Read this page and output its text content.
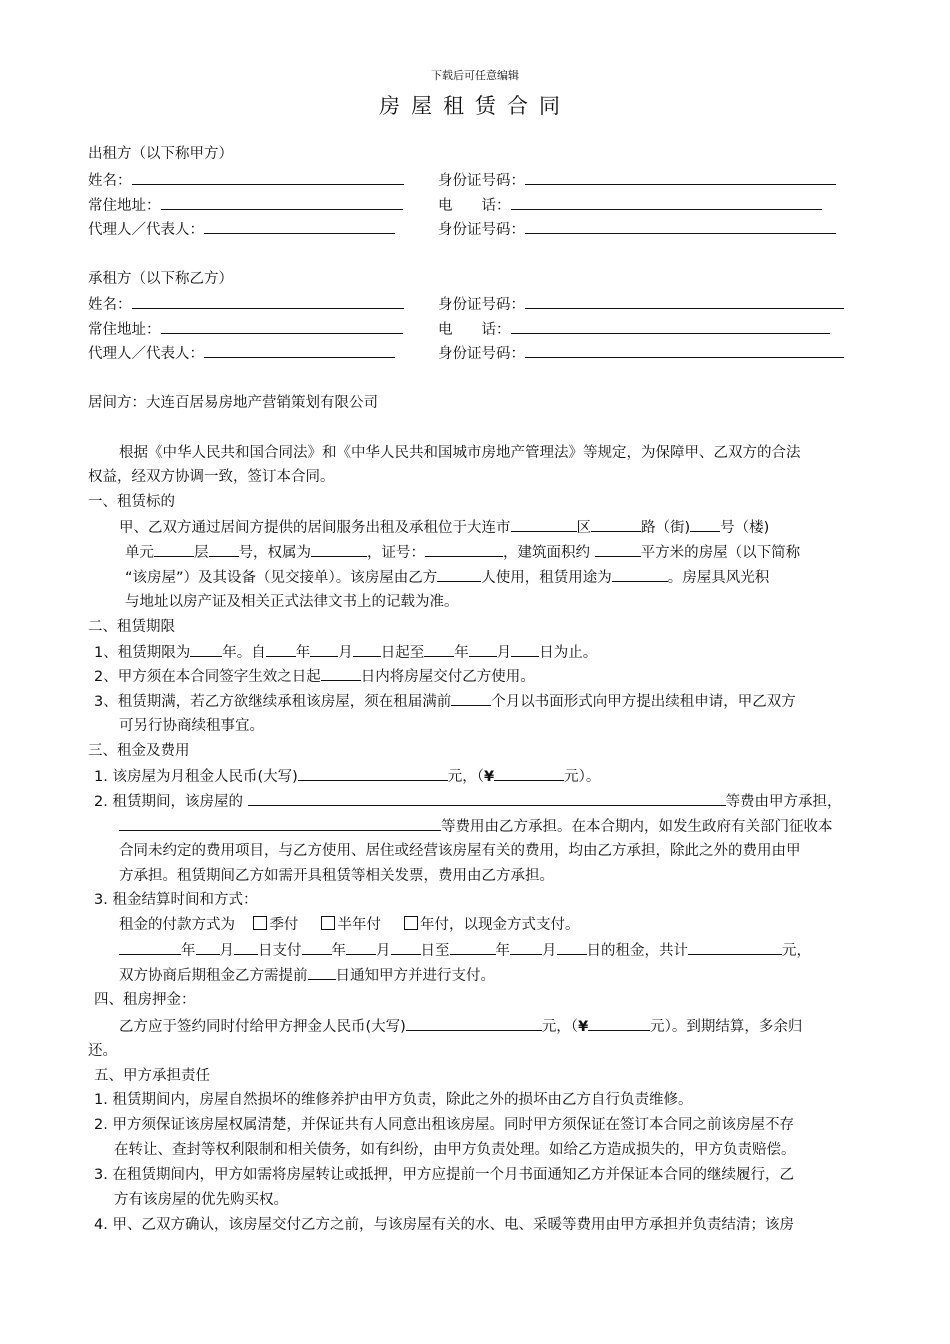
下载后可任意编辑
房屋租赁合同
出租方（以下称甲方）
姓名：	身份证号码：
常住地址：	电　　话：
代理人／代表人：	身份证号码：
承租方（以下称乙方）
姓名：	身份证号码：
常住地址：	电　　话：
代理人／代表人：	身份证号码：
居间方：大连百居易房地产营销策划有限公司
根据《中华人民共和国合同法》和《中华人民共和国城市房地产管理法》等规定，为保障甲、乙双方的合法
权益，经双方协调一致，签订本合同。
一、租赁标的
甲、乙双方通过居间方提供的居间服务出租及承租位于大连市	区	路（街) 号（楼)
单元	层 号，权属为	，证号：	，建筑面积约	平方米的房屋（以下简称
“该房屋”）及其设备（见交接单）。该房屋由乙方	人使用，租赁用途为	。房屋具风光积
与地址以房产证及相关正式法律文书上的记载为准。
二、租赁期限
1、租赁期限为 年。自 年 月 日起至 年 月 日为止。
2、甲方须在本合同签字生效之日起	日内将房屋交付乙方使用。
3、租赁期满，若乙方欲继续承租该房屋，须在租届满前	个月以书面形式向甲方提出续租申请，甲乙双方
可另行协商续租事宜。
三、租金及费用
1. 该房屋为月租金人民币(大写)	元，（¥	元）。
2. 租赁期间，该房屋的	等费由甲方承担，
等费用由乙方承担。在本合期内，如发生政府有关部门征收本
合同未约定的费用项目，与乙方使用、居住或经营该房屋有关的费用，均由乙方承担，除此之外的费用由甲
方承担。租赁期间乙方如需开具租赁等相关发票，费用由乙方承担。
3. 租金结算时间和方式：
租金的付款方式为 季付	半年付	年付，以现金方式支付。
年 月 日支付 年 月 日至	年 月 日的租金，共计	元，
双方协商后期租金乙方需提前 日通知甲方并进行支付。
四、租房押金：
乙方应于签约同时付给甲方押金人民币(大写)	元，（¥	元）。到期结算，多余归
还。
五、甲方承担责任
1. 租赁期间内，房屋自然损坏的维修养护由甲方负责，除此之外的损坏由乙方自行负责维修。
2. 甲方须保证该房屋权属清楚，并保证共有人同意出租该房屋。同时甲方须保证在签订本合同之前该房屋不存
在转让、查封等权利限制和相关债务，如有纠纷，由甲方负责处理。如给乙方造成损失的，甲方负责赔偿。
3. 在租赁期间内，甲方如需将房屋转让或抵押，甲方应提前一个月书面通知乙方并保证本合同的继续履行，乙
方有该房屋的优先购买权。
4. 甲、乙双方确认，该房屋交付乙方之前，与该房屋有关的水、电、采暖等费用由甲方承担并负责结清；该房
